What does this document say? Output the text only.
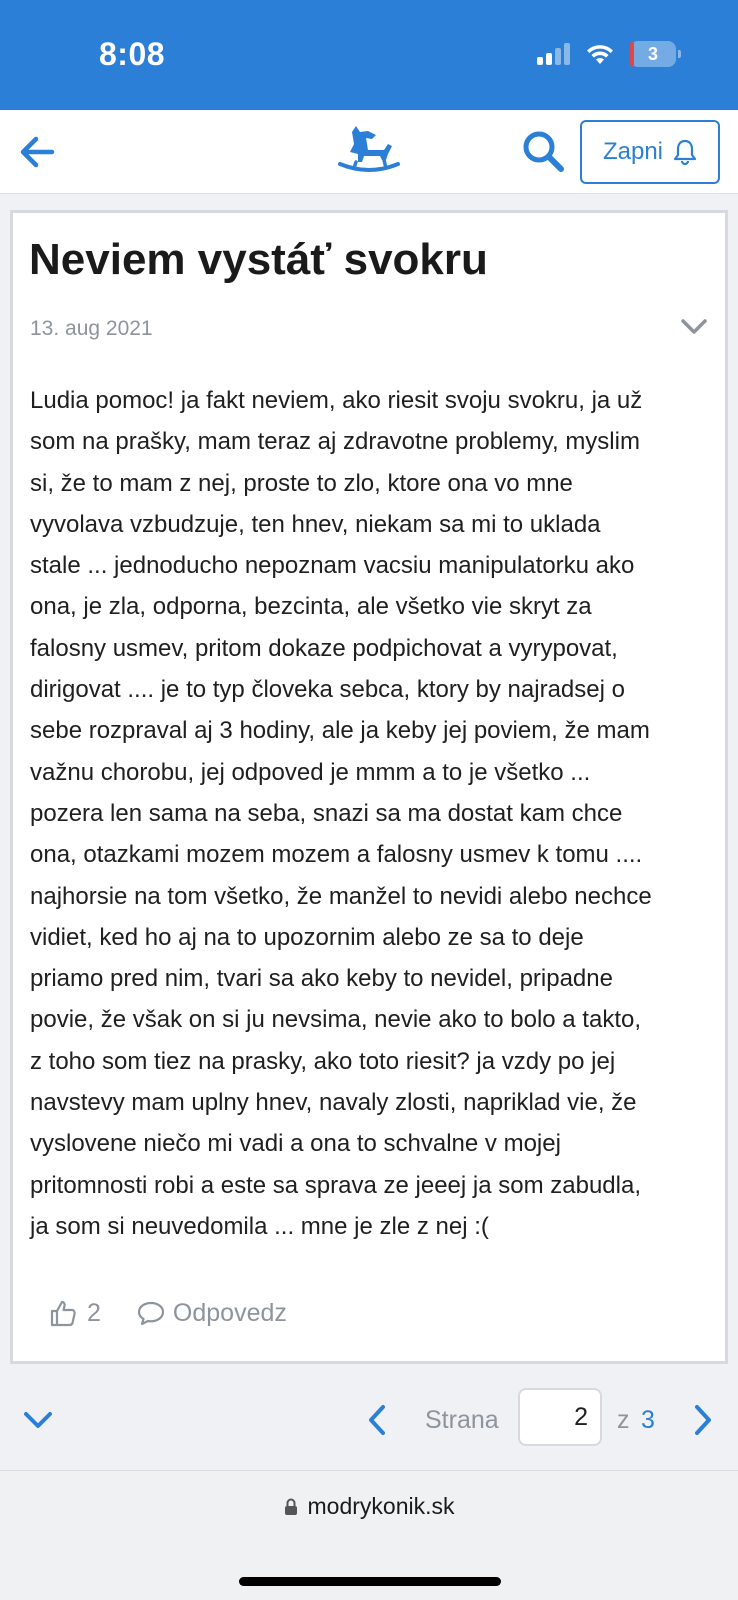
8:08	3
Zapni
Neviem vystáť svokru
13. aug 2021
Ludia pomoc! ja fakt neviem, ako riesit svoju svokru, ja už
som na prašky, mam teraz aj zdravotne problemy, myslim
si, že to mam z nej, proste to zlo, ktore ona vo mne
vyvolava vzbudzuje, ten hnev, niekam sa mi to uklada
stale ... jednoducho nepoznam vacsiu manipulatorku ako
ona, je zla, odporna, bezcinta, ale všetko vie skryt za
falosny usmev, pritom dokaze podpichovat a vyrypovat,
dirigovat .... je to typ človeka sebca, ktory by najradsej o
sebe rozpraval aj 3 hodiny, ale ja keby jej poviem, že mam
važnu chorobu, jej odpoved je mmm a to je všetko ...
pozera len sama na seba, snazi sa ma dostat kam chce
ona, otazkami mozem mozem a falosny usmev k tomu ....
najhorsie na tom všetko, že manžel to nevidi alebo nechce
vidiet, ked ho aj na to upozornim alebo ze sa to deje
priamo pred nim, tvari sa ako keby to nevidel, pripadne
povie, že však on si ju nevsima, nevie ako to bolo a takto,
z toho som tiez na prasky, ako toto riesit? ja vzdy po jej
navstevy mam uplny hnev, navaly zlosti, napriklad vie, že
vyslovene niečo mi vadi a ona to schvalne v mojej
pritomnosti robi a este sa sprava ze jeeej ja som zabudla,
ja som si neuvedomila ... mne je zle z nej :(
2	Odpovedz
Strana
2	z 3
modrykonik.sk
